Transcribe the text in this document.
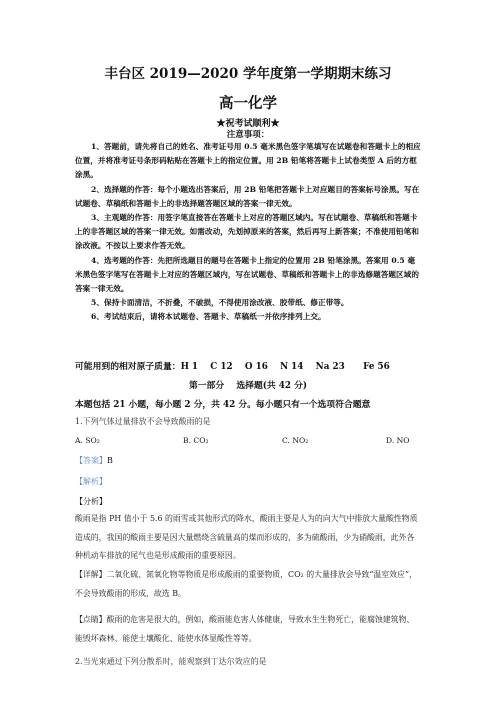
丰台区 2019—2020 学年度第一学期期末练习
高一化学
★祝考试顺利★
注意事项：

1、答题前，请先将自己的姓名、准考证号用 0.5 毫米黑色签字笔填写在试题卷和答题卡上的相应位置，并将准考证号条形码粘贴在答题卡上的指定位置。用 2B 铅笔将答题卡上试卷类型 A 后的方框涂黑。

2、选择题的作答：每个小题选出答案后，用 2B 铅笔把答题卡上对应题目的答案标号涂黑。写在试题卷、草稿纸和答题卡上的非选择题答题区域的答案一律无效。

3、主观题的作答：用签字笔直接答在答题卡上对应的答题区域内。写在试题卷、草稿纸和答题卡上的非答题区域的答案一律无效。如需改动，先划掉原来的答案，然后再写上新答案；不准使用铅笔和涂改液。不按以上要求作答无效。

4、选考题的作答：先把所选题目的题号在答题卡上指定的位置用 2B 铅笔涂黑。答案用 0.5 毫米黑色签字笔写在答题卡上对应的答题区域内，写在试题卷、草稿纸和答题卡上的非选修题答题区域的答案一律无效。

5、保持卡面清洁，不折叠，不破损，不得使用涂改液、胶带纸、修正带等。

6、考试结束后，请将本试题卷、答题卡、草稿纸一并依序排列上交。

可能用到的相对原子质量：H 1    C 12    O 16    N 14    Na 23      Fe 56
第一部分    选择题(共 42 分)
本题包括 21 小题，每小题 2 分，共 42 分。每小题只有一个选项符合题意
1.下列气体过量排放不会导致酸雨的是
A. SO₂	B. CO₂	C. NO₂	D. NO
【答案】B
【解析】
【分析】

酸雨是指 PH 值小于 5.6 的雨雪或其他形式的降水，酸雨主要是人为的向大气中排放大量酸性物质造成的，我国的酸雨主要是因大量燃烧含硫量高的煤而形成的，多为硫酸雨，少为硝酸雨，此外各种机动车排放的尾气也是形成酸雨的重要原因。

【详解】二氧化硫、氮氧化物等物质是形成酸雨的重要物质，CO₂ 的大量排放会导致“温室效应”，不会导致酸雨的形成，故选 B。

【点睛】酸雨的危害是很大的，例如，酸雨能危害人体健康，导致水生生物死亡，能腐蚀建筑物、能毁坏森林、能使土壤酸化、能使水体显酸性等等。

2.当光束通过下列分散系时，能观察到丁达尔效应的是
